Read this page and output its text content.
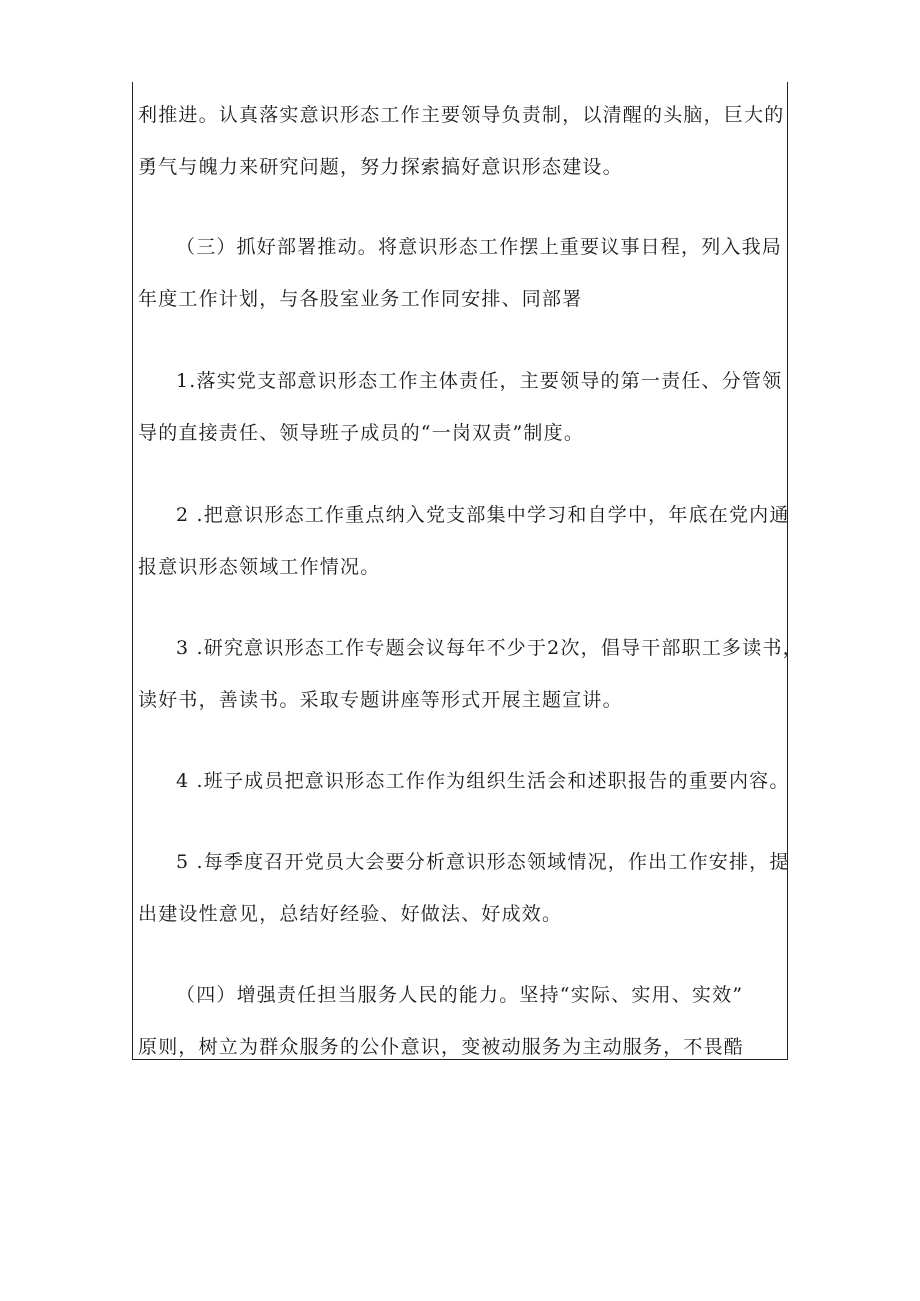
利推进。认真落实意识形态工作主要领导负责制，以清醒的头脑，巨大的
勇气与魄力来研究问题，努力探索搞好意识形态建设。

（三）抓好部署推动。将意识形态工作摆上重要议事日程，列入我局
年度工作计划，与各股室业务工作同安排、同部署

1.落实党支部意识形态工作主体责任，主要领导的第一责任、分管领
导的直接责任、领导班子成员的“一岗双责”制度。

2 .把意识形态工作重点纳入党支部集中学习和自学中，年底在党内通
报意识形态领域工作情况。

3 .研究意识形态工作专题会议每年不少于2次，倡导干部职工多读书，
读好书，善读书。采取专题讲座等形式开展主题宣讲。

4 .班子成员把意识形态工作作为组织生活会和述职报告的重要内容。

5 .每季度召开党员大会要分析意识形态领域情况，作出工作安排，提
出建设性意见，总结好经验、好做法、好成效。

（四）增强责任担当服务人民的能力。坚持“实际、实用、实效”
原则，树立为群众服务的公仆意识，变被动服务为主动服务，不畏酷
